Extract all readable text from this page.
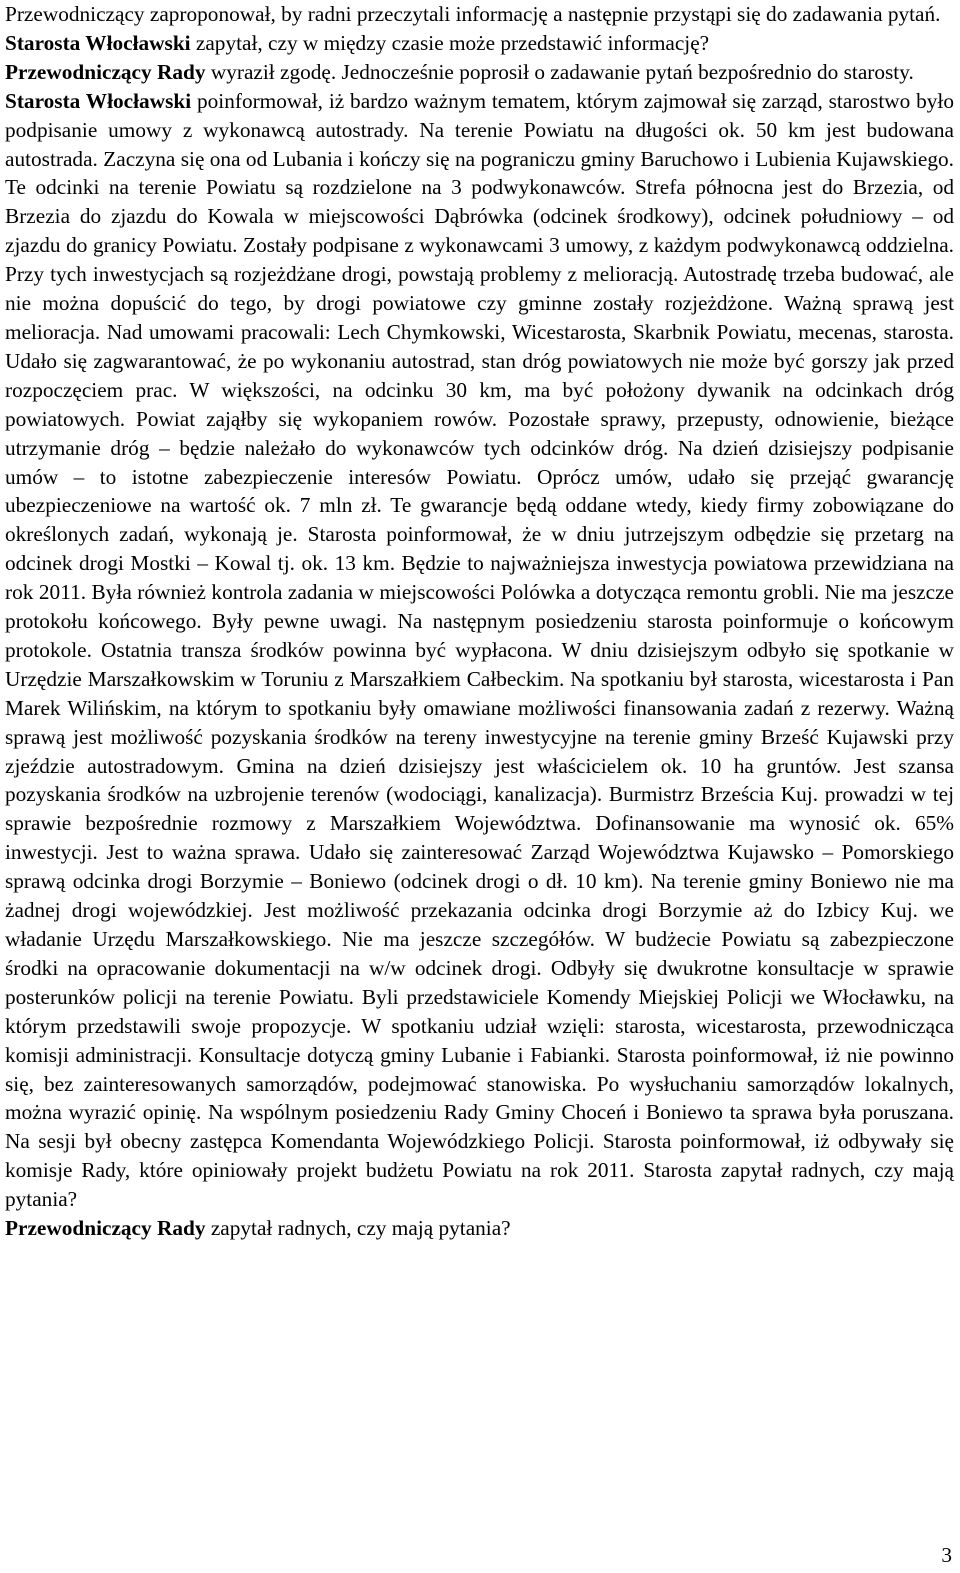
Przewodniczący zaproponował, by radni przeczytali informację a następnie przystąpi się do zadawania pytań.

Starosta Włocławski zapytał, czy w między czasie może przedstawić informację?

Przewodniczący Rady wyraził zgodę. Jednocześnie poprosił o zadawanie pytań bezpośrednio do starosty.

Starosta Włocławski poinformował, iż bardzo ważnym tematem, którym zajmował się zarząd, starostwo było podpisanie umowy z wykonawcą autostrady. Na terenie Powiatu na długości ok. 50 km jest budowana autostrada. Zaczyna się ona od Lubania i kończy się na pograniczu gminy Baruchowo i Lubienia Kujawskiego. Te odcinki na terenie Powiatu są rozdzielone na 3 podwykonawców. Strefa północna jest do Brzezia, od Brzezia do zjazdu do Kowala w miejscowości Dąbrówka (odcinek środkowy), odcinek południowy – od zjazdu do granicy Powiatu. Zostały podpisane z wykonawcami 3 umowy, z każdym podwykonawcą oddzielna. Przy tych inwestycjach są rozjeżdżane drogi, powstają problemy z melioracją. Autostradę trzeba budować, ale nie można dopuścić do tego, by drogi powiatowe czy gminne zostały rozjeżdżone. Ważną sprawą jest melioracja. Nad umowami pracowali: Lech Chymkowski, Wicestarosta, Skarbnik Powiatu, mecenas, starosta. Udało się zagwarantować, że po wykonaniu autostrad, stan dróg powiatowych nie może być gorszy jak przed rozpoczęciem prac. W większości, na odcinku 30 km, ma być położony dywanik na odcinkach dróg powiatowych. Powiat zająłby się wykopaniem rowów. Pozostałe sprawy, przepusty, odnowienie, bieżące utrzymanie dróg – będzie należało do wykonawców tych odcinków dróg. Na dzień dzisiejszy podpisanie umów – to istotne zabezpieczenie interesów Powiatu. Oprócz umów, udało się przejąć gwarancję ubezpieczeniowe na wartość ok. 7 mln zł. Te gwarancje będą oddane wtedy, kiedy firmy zobowiązane do określonych zadań, wykonają je. Starosta poinformował, że w dniu jutrzejszym odbędzie się przetarg na odcinek drogi Mostki – Kowal tj. ok. 13 km. Będzie to najważniejsza inwestycja powiatowa przewidziana na rok 2011. Była również kontrola zadania w miejscowości Polówka a dotycząca remontu grobli. Nie ma jeszcze protokołu końcowego. Były pewne uwagi. Na następnym posiedzeniu starosta poinformuje o końcowym protokole. Ostatnia transza środków powinna być wypłacona. W dniu dzisiejszym odbyło się spotkanie w Urzędzie Marszałkowskim w Toruniu z Marszałkiem Całbeckim. Na spotkaniu był starosta, wicestarosta i Pan Marek Wilińskim, na którym to spotkaniu były omawiane możliwości finansowania zadań z rezerwy. Ważną sprawą jest możliwość pozyskania środków na tereny inwestycyjne na terenie gminy Brześć Kujawski przy zjeździe autostradowym. Gmina na dzień dzisiejszy jest właścicielem ok. 10 ha gruntów. Jest szansa pozyskania środków na uzbrojenie terenów (wodociągi, kanalizacja). Burmistrz Brześcia Kuj. prowadzi w tej sprawie bezpośrednie rozmowy z Marszałkiem Województwa. Dofinansowanie ma wynosić ok. 65% inwestycji. Jest to ważna sprawa. Udało się zainteresować Zarząd Województwa Kujawsko – Pomorskiego sprawą odcinka drogi Borzymie – Boniewo (odcinek drogi o dł. 10 km). Na terenie gminy Boniewo nie ma żadnej drogi wojewódzkiej. Jest możliwość przekazania odcinka drogi Borzymie aż do Izbicy Kuj. we władanie Urzędu Marszałkowskiego. Nie ma jeszcze szczegółów. W budżecie Powiatu są zabezpieczone środki na opracowanie dokumentacji na w/w odcinek drogi. Odbyły się dwukrotne konsultacje w sprawie posterunków policji na terenie Powiatu. Byli przedstawiciele Komendy Miejskiej Policji we Włocławku, na którym przedstawili swoje propozycje. W spotkaniu udział wzięli: starosta, wicestarosta, przewodnicząca komisji administracji. Konsultacje dotyczą gminy Lubanie i Fabianki. Starosta poinformował, iż nie powinno się, bez zainteresowanych samorządów, podejmować stanowiska. Po wysłuchaniu samorządów lokalnych, można wyrazić opinię. Na wspólnym posiedzeniu Rady Gminy Choceń i Boniewo ta sprawa była poruszana. Na sesji był obecny zastępca Komendanta Wojewódzkiego Policji. Starosta poinformował, iż odbywały się komisje Rady, które opiniowały projekt budżetu Powiatu na rok 2011. Starosta zapytał radnych, czy mają pytania?

Przewodniczący Rady zapytał radnych, czy mają pytania?

3
